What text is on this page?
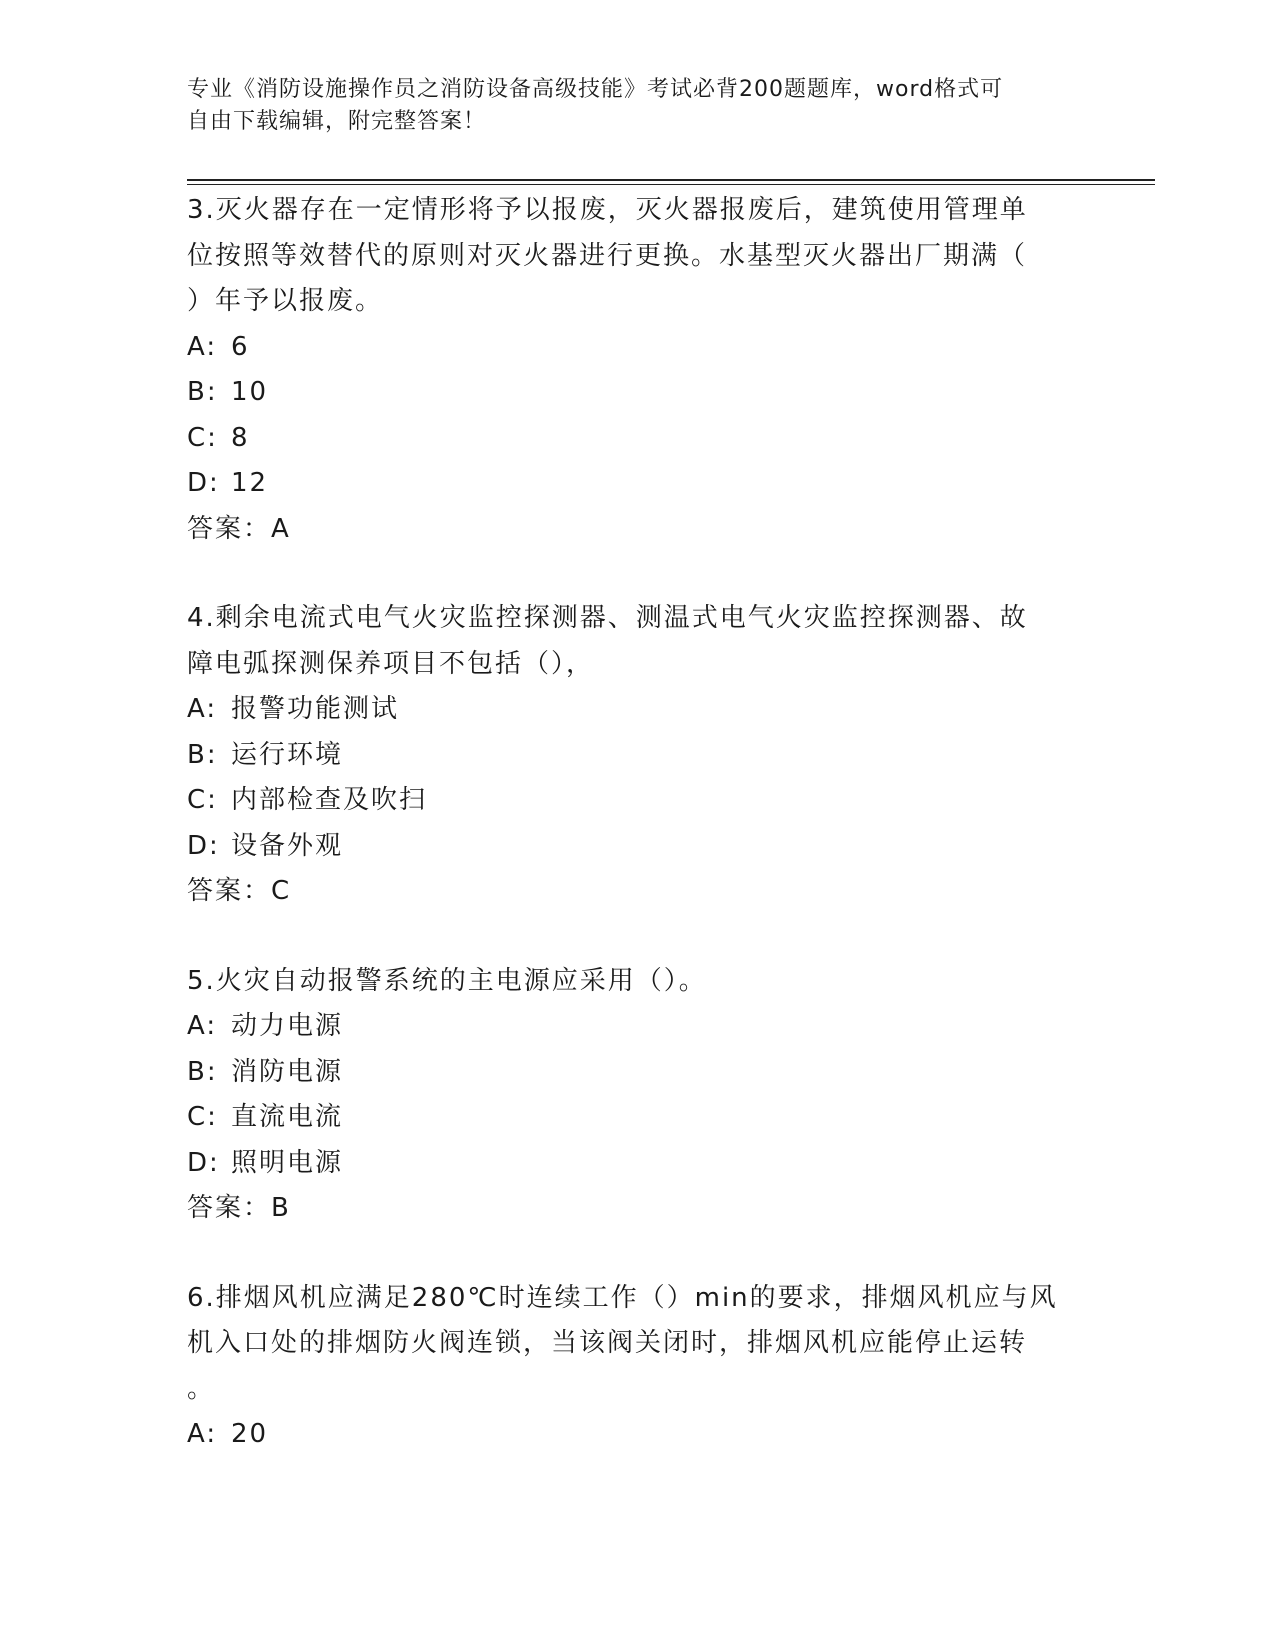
专业《消防设施操作员之消防设备高级技能》考试必背200题题库，word格式可
自由下载编辑，附完整答案！
3.灭火器存在一定情形将予以报废，灭火器报废后，建筑使用管理单
位按照等效替代的原则对灭火器进行更换。水基型灭火器出厂期满（
）年予以报废。
A: 6
B: 10
C: 8
D: 12
答案：A
4.剩余电流式电气火灾监控探测器、测温式电气火灾监控探测器、故
障电弧探测保养项目不包括（），
A: 报警功能测试
B: 运行环境
C: 内部检查及吹扫
D: 设备外观
答案：C
5.火灾自动报警系统的主电源应采用（）。
A: 动力电源
B: 消防电源
C: 直流电流
D: 照明电源
答案：B
6.排烟风机应满足280℃时连续工作（）min的要求，排烟风机应与风
机入口处的排烟防火阀连锁，当该阀关闭时，排烟风机应能停止运转
。
A: 20
